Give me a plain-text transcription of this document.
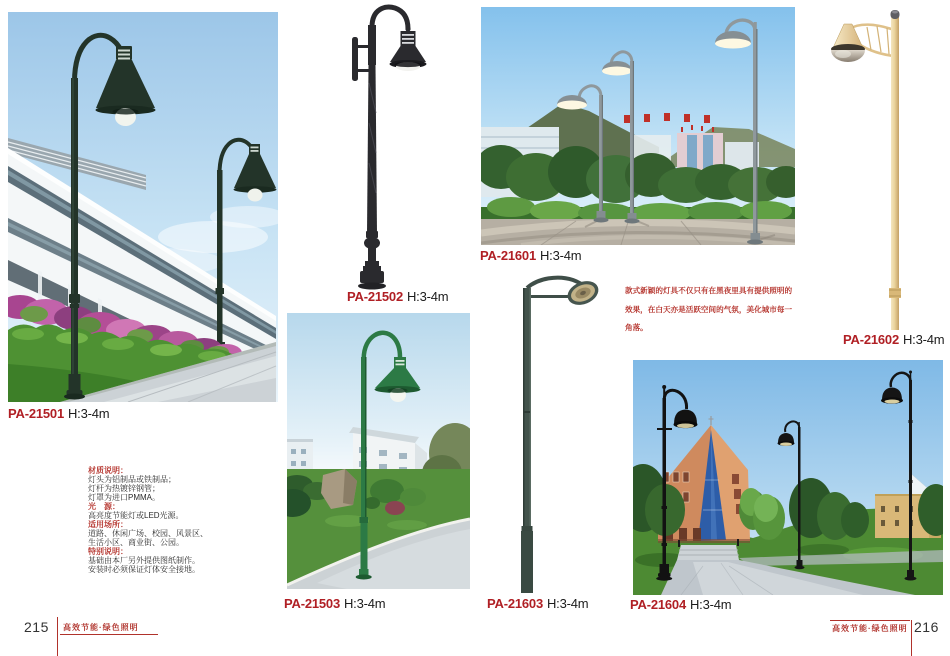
PA-21501 H:3-4m
PA-21502 H:3-4m
PA-21601 H:3-4m
PA-21602 H:3-4m
款式新颖的灯具不仅只有在黑夜里具有提供照明的
效果，在白天亦是活跃空间的气氛，美化城市每一
角落。
PA-21503 H:3-4m	PA-21603 H:3-4m	PA-21604 H:3-4m
材质说明：
灯头为铝制品或铁制品；
灯杆为热镀锌钢管；
灯罩为进口PMMA。
光　源：
高亮度节能灯或LED光源。
适用场所：
道路、休闲广场、校园、风景区、
生活小区、商业街、公园。
特别说明：
基础由本厂另外提供图纸制作。
安装时必须保证灯体安全接地。
215 高效节能·绿色照明	高效节能·绿色照明 216
